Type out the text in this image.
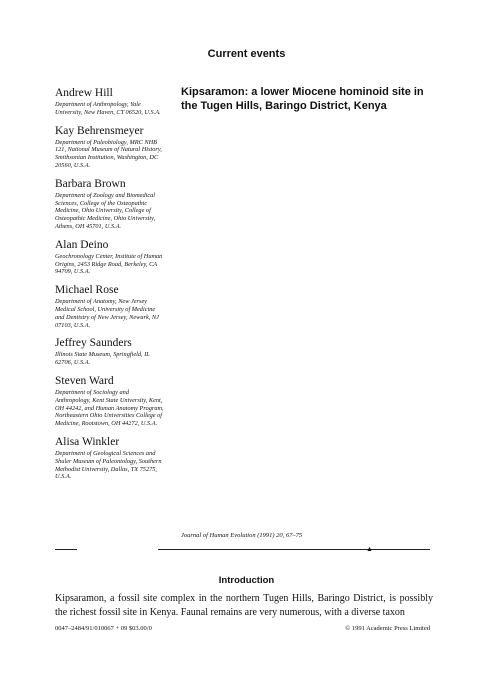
Current events
Andrew Hill
Department of Anthropology, Yale University, New Haven, CT 06520, U.S.A.
Kay Behrensmeyer
Department of Paleobiology, MRC NHB 121, National Museum of Natural History, Smithsonian Institution, Washington, DC 20560, U.S.A.
Barbara Brown
Department of Zoology and Biomedical Sciences, College of the Osteopathic Medicine, Ohio University, College of Osteopathic Medicine, Ohio University, Athens, OH 45701, U.S.A.
Alan Deino
Geochronology Center, Institute of Human Origins, 2453 Ridge Road, Berkeley, CA 94709, U.S.A.
Michael Rose
Department of Anatomy, New Jersey Medical School, University of Medicine and Dentistry of New Jersey, Newark, NJ 07103, U.S.A.
Jeffrey Saunders
Illinois State Museum, Springfield, IL 62706, U.S.A.
Steven Ward
Department of Sociology and Anthropology, Kent State University, Kent, OH 44242, and Human Anatomy Program, Northeastern Ohio Universities College of Medicine, Rootstown, OH 44272, U.S.A.
Alisa Winkler
Department of Geological Sciences and Shuler Museum of Paleontology, Southern Methodist University, Dallas, TX 75275, U.S.A.
Kipsaramon: a lower Miocene hominoid site in the Tugen Hills, Baringo District, Kenya
Journal of Human Evolution (1991) 20, 67–75
▲
Introduction
Kipsaramon, a fossil site complex in the northern Tugen Hills, Baringo District, is possibly the richest fossil site in Kenya. Faunal remains are very numerous, with a diverse taxon
0047–2484/91/010067 + 09 $03.00/0	© 1991 Academic Press Limited
